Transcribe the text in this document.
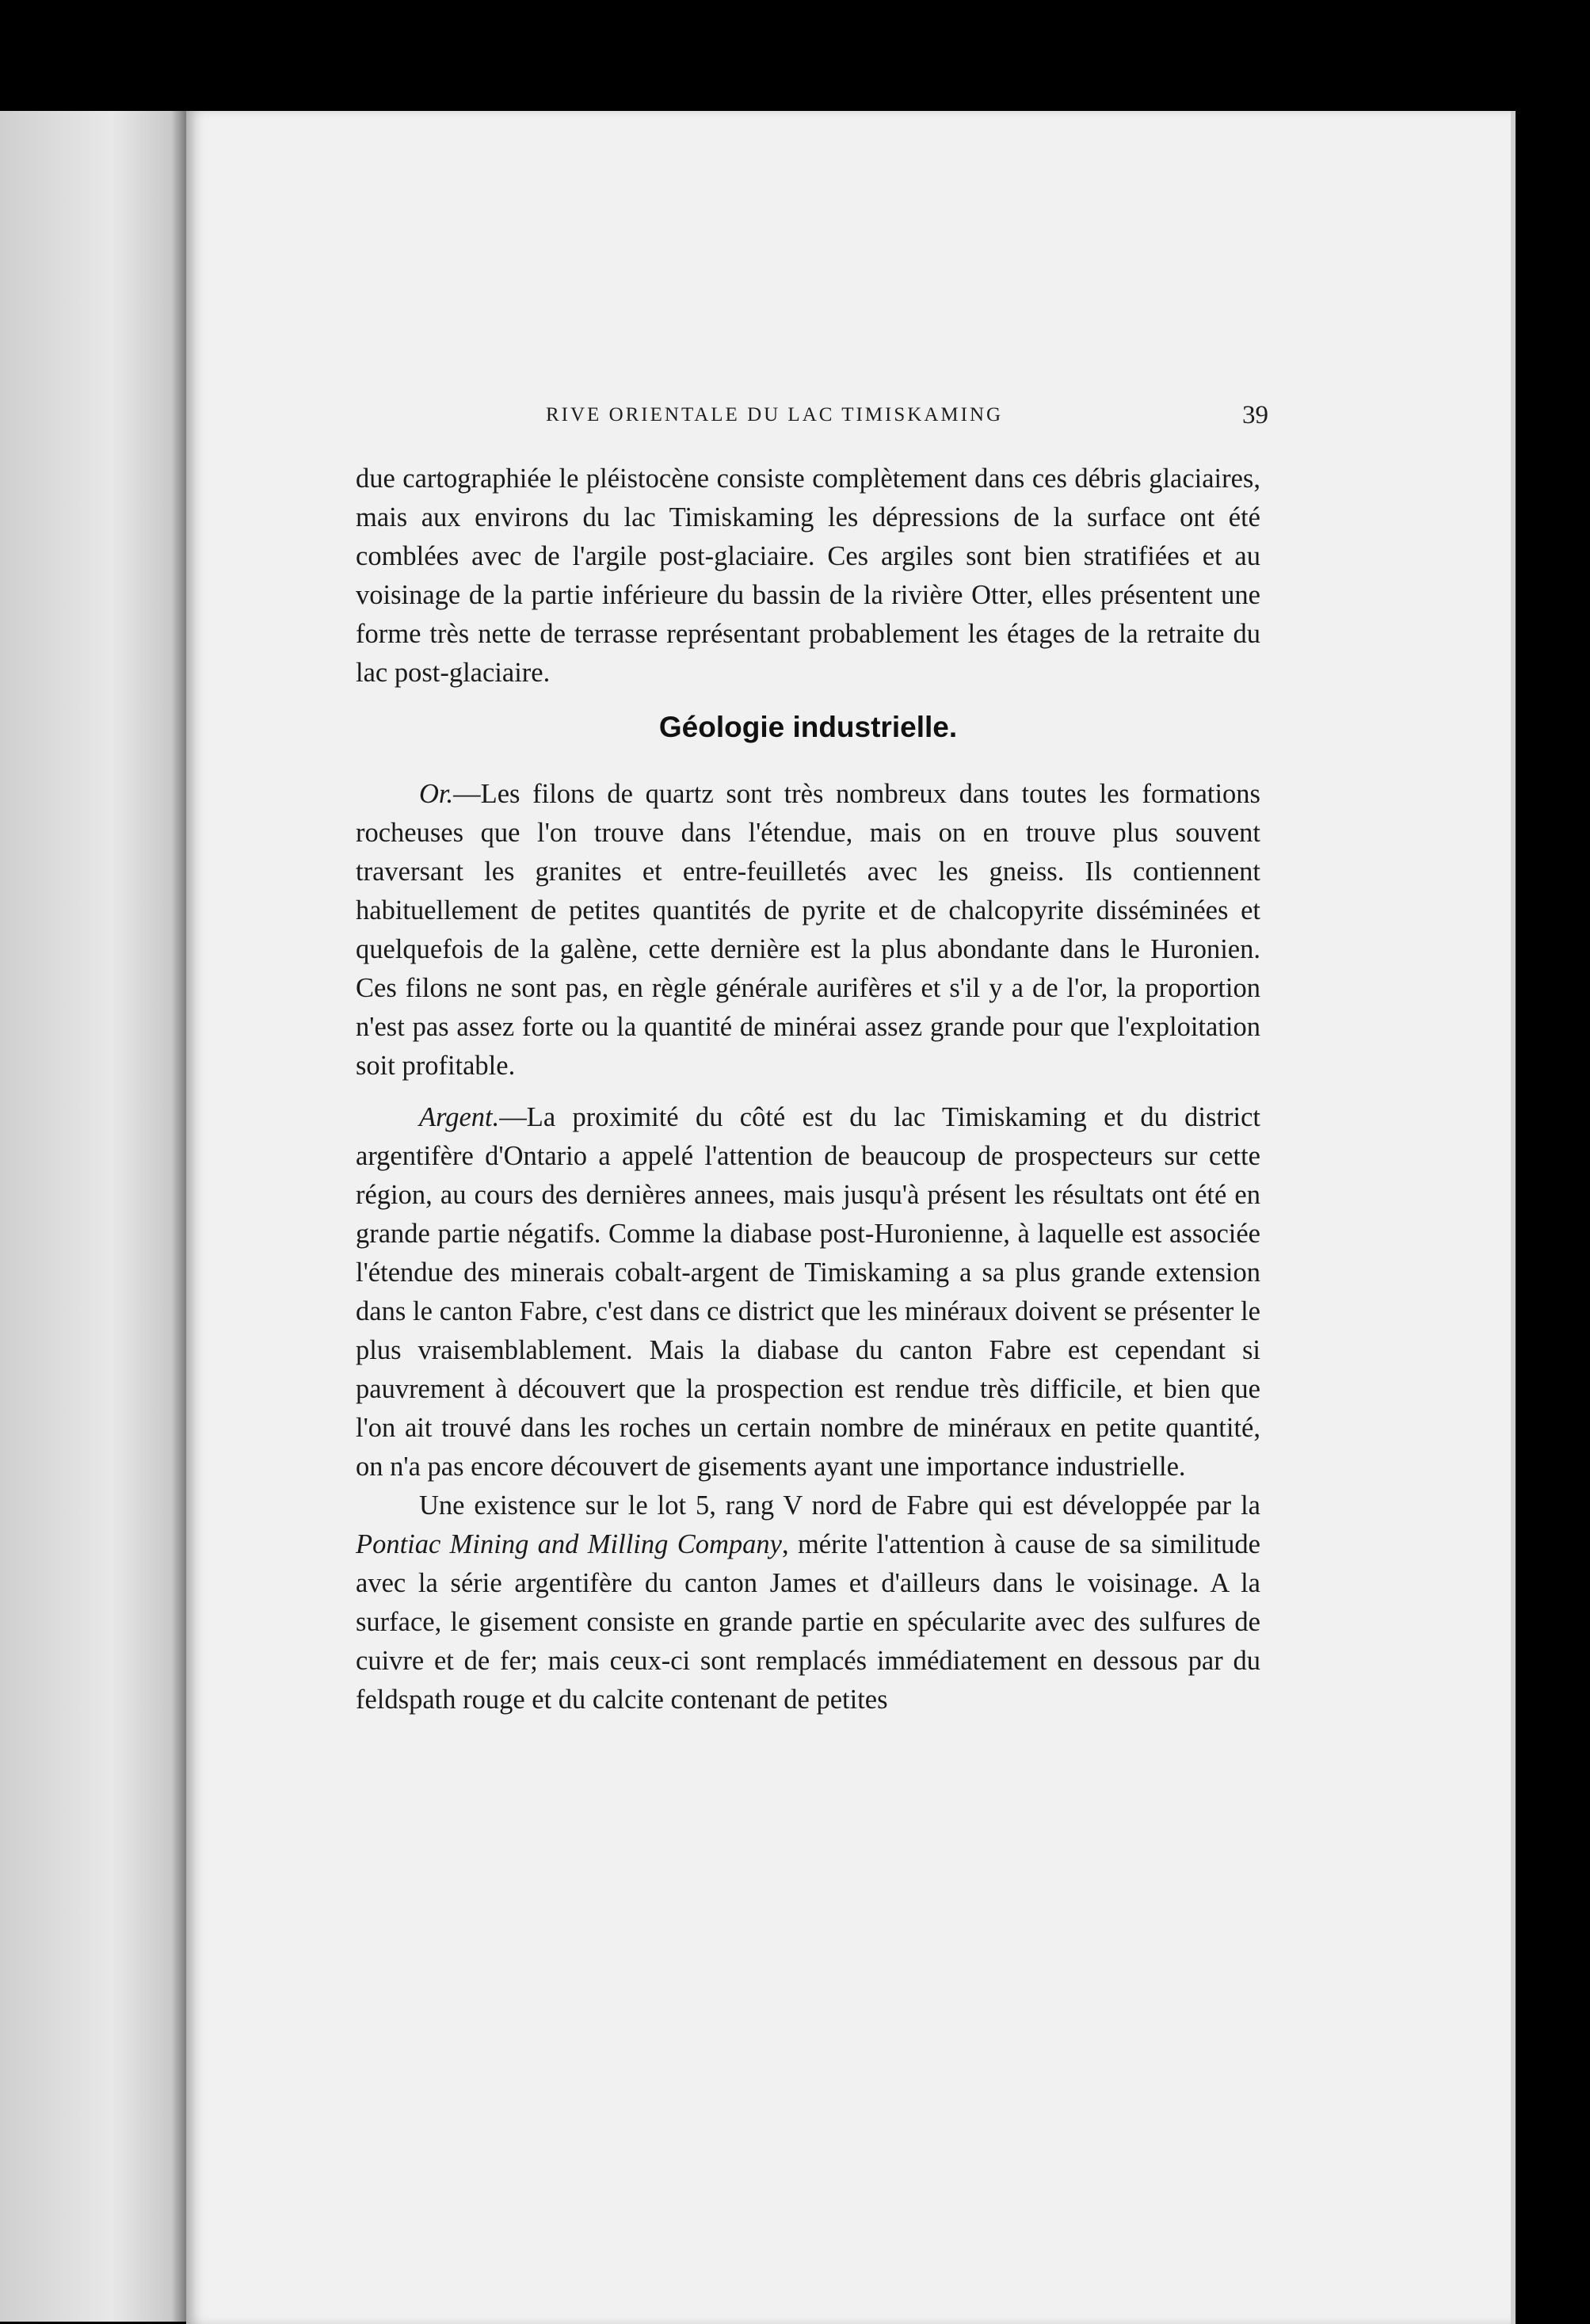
RIVE ORIENTALE DU LAC TIMISKAMING	39

due cartographiée le pléistocène consiste complètement dans ces débris glaciaires, mais aux environs du lac Timiskaming les dépressions de la surface ont été comblées avec de l'argile post-glaciaire. Ces argiles sont bien stratifiées et au voisinage de la partie inférieure du bassin de la rivière Otter, elles présentent une forme très nette de terrasse représentant probablement les étages de la retraite du lac post-glaciaire.

Géologie industrielle.

Or.—Les filons de quartz sont très nombreux dans toutes les formations rocheuses que l'on trouve dans l'étendue, mais on en trouve plus souvent traversant les granites et entre-feuilletés avec les gneiss. Ils contiennent habituellement de petites quantités de pyrite et de chalcopyrite disséminées et quelquefois de la galène, cette dernière est la plus abondante dans le Huronien. Ces filons ne sont pas, en règle générale aurifères et s'il y a de l'or, la proportion n'est pas assez forte ou la quantité de minérai assez grande pour que l'exploitation soit profitable.

Argent.—La proximité du côté est du lac Timiskaming et du district argentifère d'Ontario a appelé l'attention de beaucoup de prospecteurs sur cette région, au cours des dernières annees, mais jusqu'à présent les résultats ont été en grande partie négatifs. Comme la diabase post-Huronienne, à laquelle est associée l'étendue des minerais cobalt-argent de Timiskaming a sa plus grande extension dans le canton Fabre, c'est dans ce district que les minéraux doivent se présenter le plus vraisemblablement. Mais la diabase du canton Fabre est cependant si pauvrement à découvert que la prospection est rendue très difficile, et bien que l'on ait trouvé dans les roches un certain nombre de minéraux en petite quantité, on n'a pas encore découvert de gisements ayant une importance industrielle.

Une existence sur le lot 5, rang V nord de Fabre qui est développée par la Pontiac Mining and Milling Company, mérite l'attention à cause de sa similitude avec la série argentifère du canton James et d'ailleurs dans le voisinage. A la surface, le gisement consiste en grande partie en spécularite avec des sulfures de cuivre et de fer; mais ceux-ci sont remplacés immédiatement en dessous par du feldspath rouge et du calcite contenant de petites
